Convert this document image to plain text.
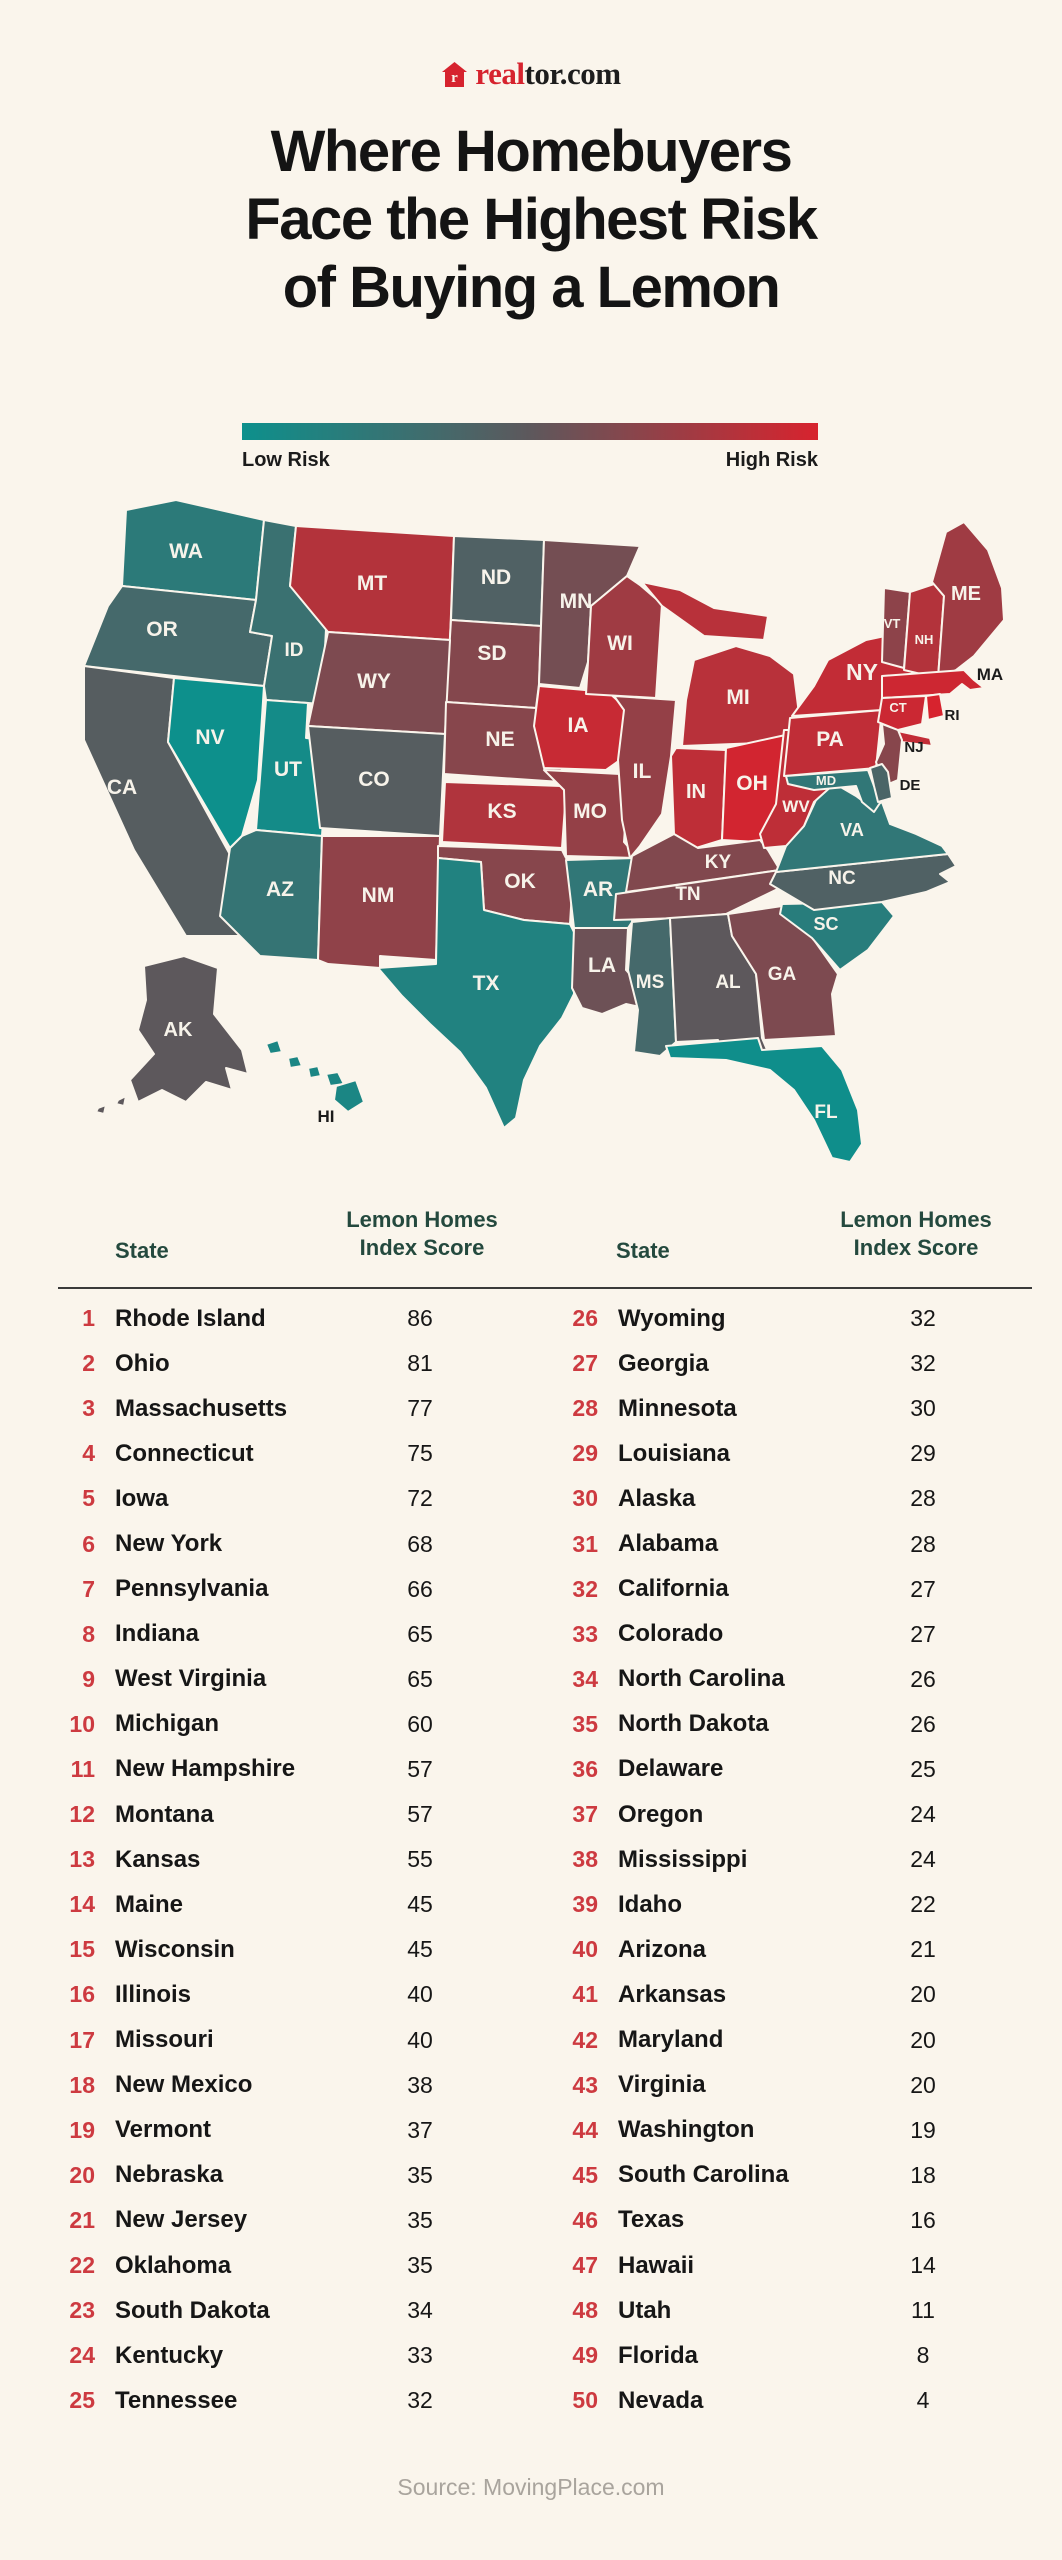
r realtor.com
Where Homebuyers
Face the Highest Risk
of Buying a Lemon
Low Risk	High Risk
WA
OR
CA
NV
ID
MT
WY
UT
AZ	NM
CO
ND
SD
NE
KS
OK
TX
MN
IA
MO
AR
LA
WI
IL
IN
MI
OH
KY
TN
MS	AL GA
FL
SC
NC
VA
WV
PA
NY
ME
VT
NH
CT
MD
AK
MA
RI
NJ
DE
HI
State
Lemon Homes
Index Score	State
Lemon Homes
Index Score
1 Rhode Island	86
2 Ohio	81
3 Massachusetts	77
4 Connecticut	75
5 Iowa	72
6 New York	68
7 Pennsylvania	66
8 Indiana	65
9 West Virginia	65
10 Michigan	60
11 New Hampshire	57
12 Montana	57
13 Kansas	55
14 Maine	45
15 Wisconsin	45
16 Illinois	40
17 Missouri	40
18 New Mexico	38
19 Vermont	37
20 Nebraska	35
21 New Jersey	35
22 Oklahoma	35
23 South Dakota	34
24 Kentucky	33
25 Tennessee	32
26 Wyoming	32
27 Georgia	32
28 Minnesota	30
29 Louisiana	29
30 Alaska	28
31 Alabama	28
32 California	27
33 Colorado	27
34 North Carolina	26
35 North Dakota	26
36 Delaware	25
37 Oregon	24
38 Mississippi	24
39 Idaho	22
40 Arizona	21
41 Arkansas	20
42 Maryland	20
43 Virginia	20
44 Washington	19
45 South Carolina	18
46 Texas	16
47 Hawaii	14
48 Utah	11
49 Florida	8
50 Nevada	4
Source: MovingPlace.com
